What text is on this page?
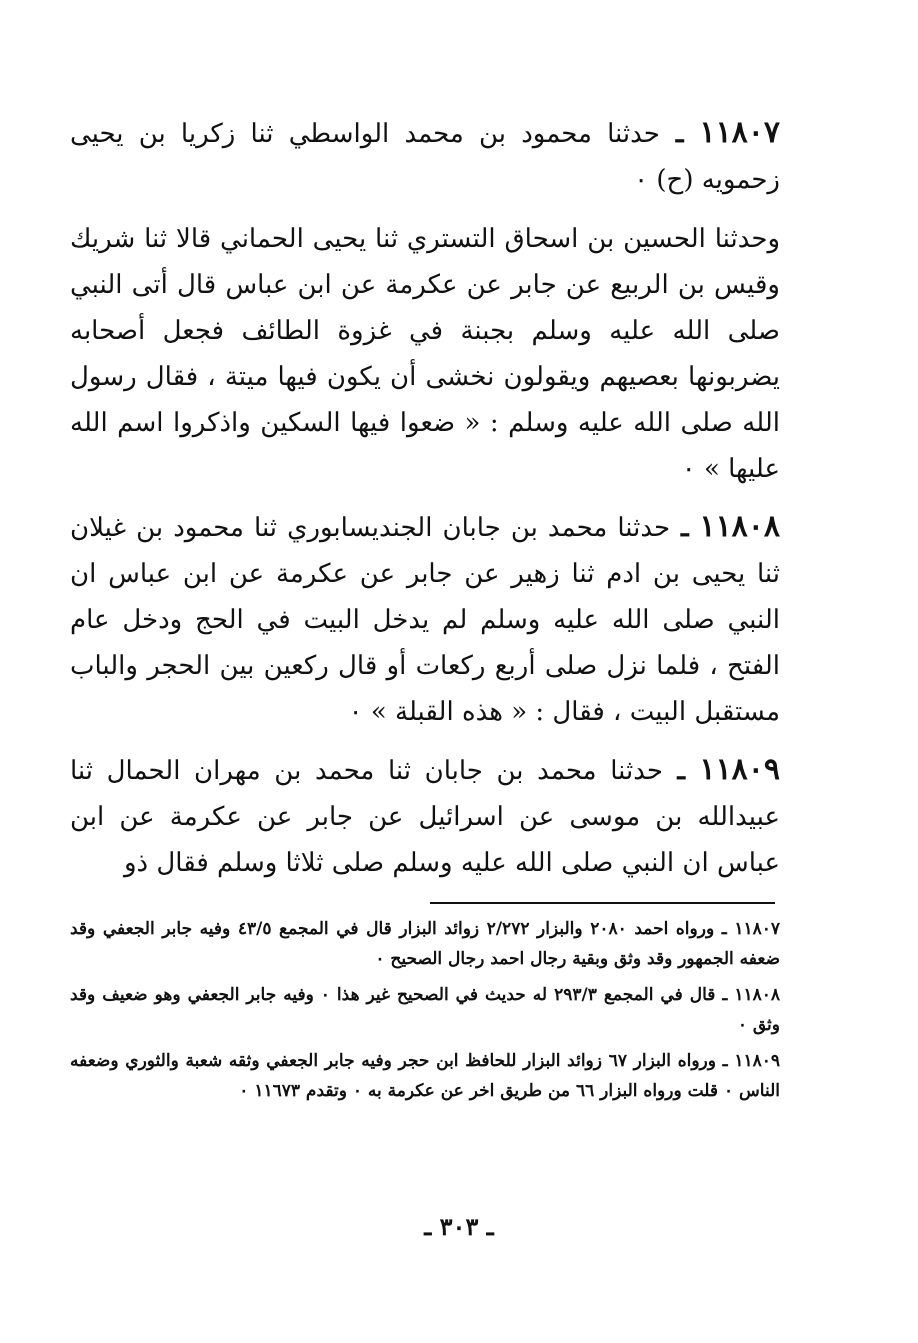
١١٨٠٧ ـ حدثنا محمود بن محمد الواسطي ثنا زكريا بن يحيى زحمويه (ح) ٠

وحدثنا الحسين بن اسحاق التستري ثنا يحيى الحماني قالا ثنا شريك وقيس بن الربيع عن جابر عن عكرمة عن ابن عباس قال أتى النبي صلى الله عليه وسلم بجبنة في غزوة الطائف فجعل أصحابه يضربونها بعصيهم ويقولون نخشى أن يكون فيها ميتة ، فقال رسول الله صلى الله عليه وسلم : « ضعوا فيها السكين واذكروا اسم الله عليها » ٠

١١٨٠٨ ـ حدثنا محمد بن جابان الجنديسابوري ثنا محمود بن غيلان ثنا يحيى بن ادم ثنا زهير عن جابر عن عكرمة عن ابن عباس ان النبي صلى الله عليه وسلم لم يدخل البيت في الحج ودخل عام الفتح ، فلما نزل صلى أربع ركعات أو قال ركعين بين الحجر والباب مستقبل البيت ، فقال : « هذه القبلة » ٠

١١٨٠٩ ـ حدثنا محمد بن جابان ثنا محمد بن مهران الحمال ثنا عبيدالله بن موسى عن اسرائيل عن جابر عن عكرمة عن ابن عباس ان النبي صلى الله عليه وسلم صلى ثلاثا وسلم فقال ذو

١١٨٠٧ ـ ورواه احمد ٢٠٨٠ والبزار ٢/٢٧٢ زوائد البزار قال في المجمع ٤٣/٥ وفيه جابر الجعفي وقد ضعفه الجمهور وقد وثق وبقية رجال احمد رجال الصحيح ٠

١١٨٠٨ ـ قال في المجمع ٢٩٣/٣ له حديث في الصحيح غير هذا ٠ وفيه جابر الجعفي وهو ضعيف وقد وثق ٠

١١٨٠٩ ـ ورواه البزار ٦٧ زوائد البزار للحافظ ابن حجر وفيه جابر الجعفي وثقه شعبة والثوري وضعفه الناس ٠ قلت ورواه البزار ٦٦ من طريق اخر عن عكرمة به ٠ وتقدم ١١٦٧٣ ٠

ـ ٣٠٣ ـ
